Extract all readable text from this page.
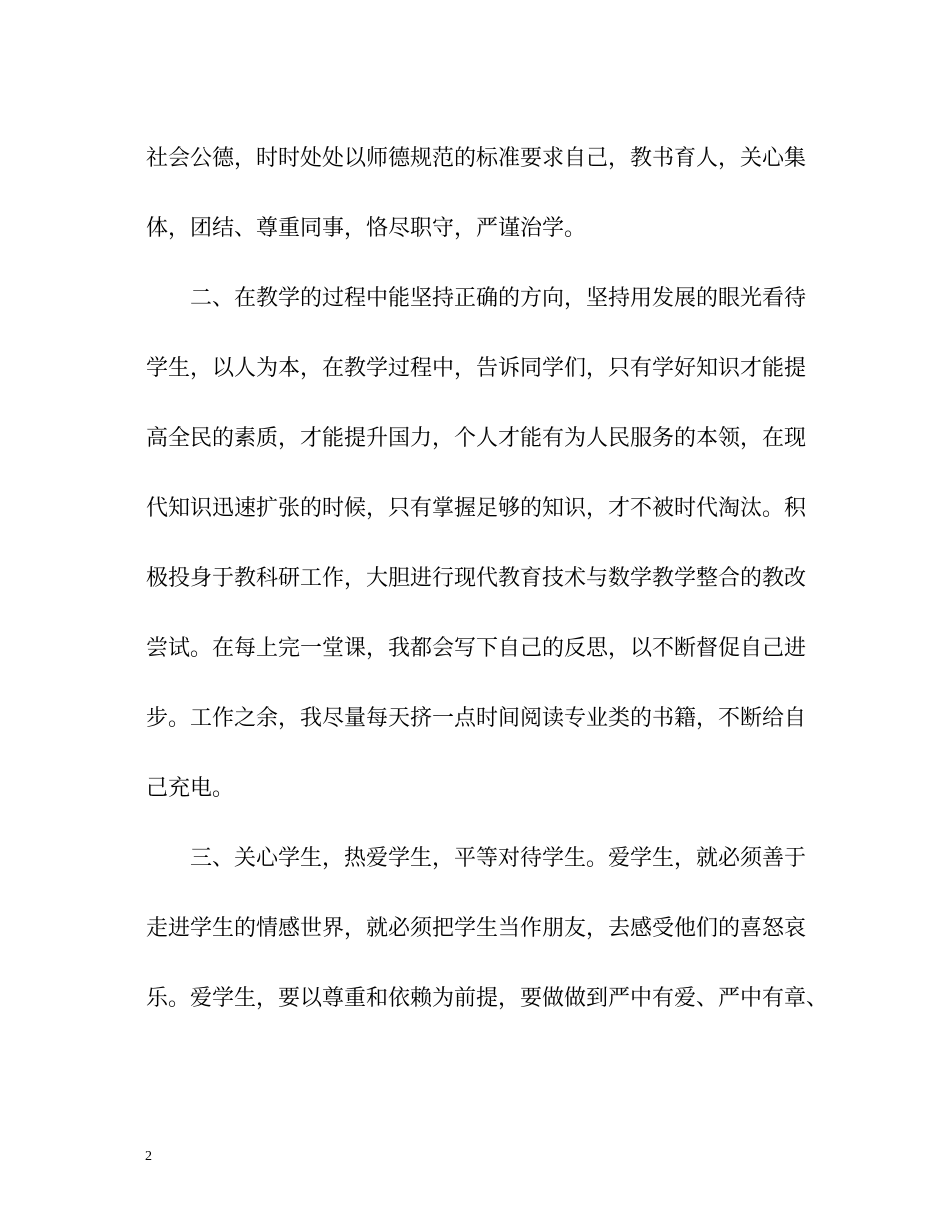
社会公德，时时处处以师德规范的标准要求自己，教书育人，关心集
体，团结、尊重同事，恪尽职守，严谨治学。
二、在教学的过程中能坚持正确的方向，坚持用发展的眼光看待
学生，以人为本，在教学过程中，告诉同学们，只有学好知识才能提
高全民的素质，才能提升国力，个人才能有为人民服务的本领，在现
代知识迅速扩张的时候，只有掌握足够的知识，才不被时代淘汰。积
极投身于教科研工作，大胆进行现代教育技术与数学教学整合的教改
尝试。在每上完一堂课，我都会写下自己的反思，以不断督促自己进
步。工作之余，我尽量每天挤一点时间阅读专业类的书籍，不断给自
己充电。
三、关心学生，热爱学生，平等对待学生。爱学生，就必须善于
走进学生的情感世界，就必须把学生当作朋友，去感受他们的喜怒哀
乐。爱学生，要以尊重和依赖为前提，要做做到严中有爱、严中有章、
2
